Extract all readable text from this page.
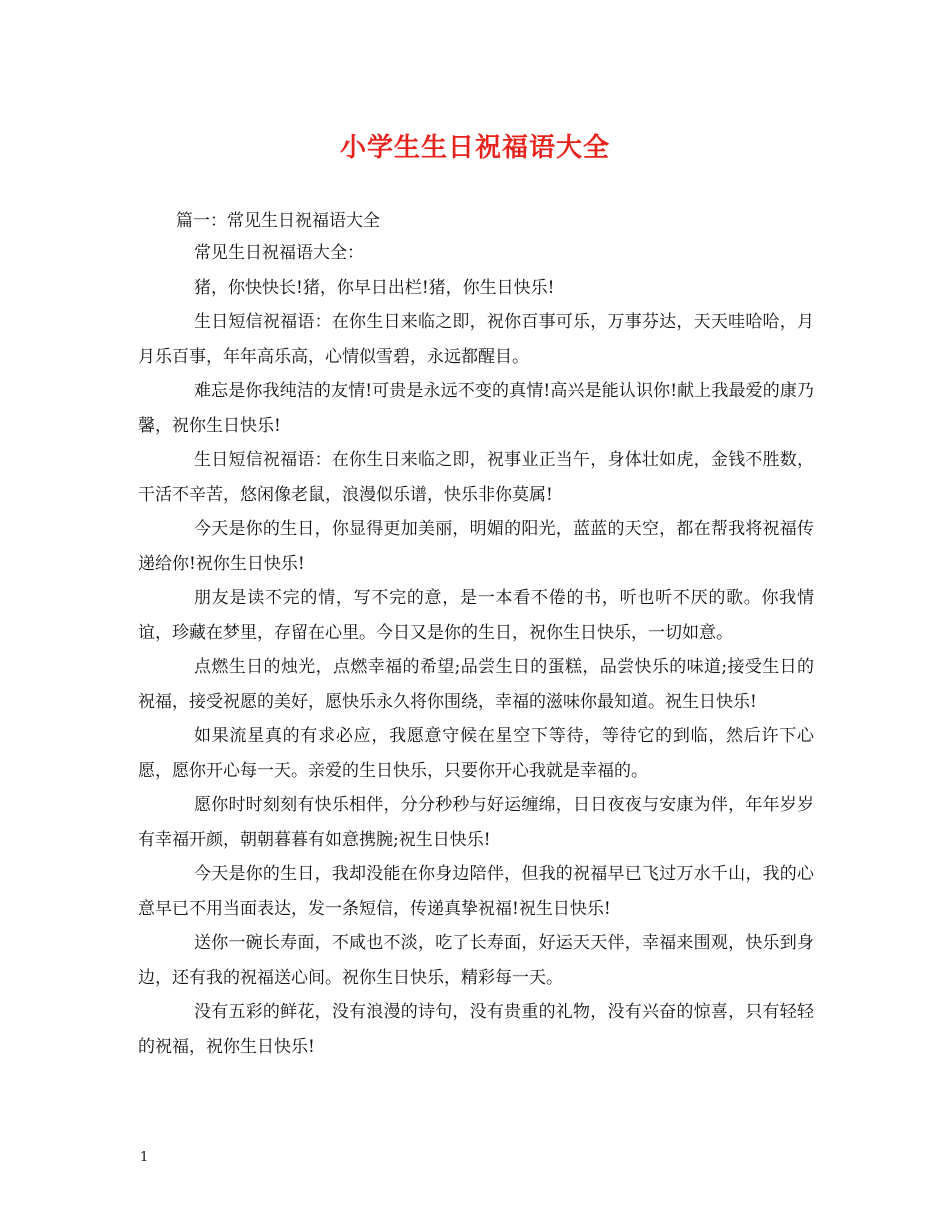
小学生生日祝福语大全
篇一：常见生日祝福语大全

常见生日祝福语大全：

猪，你快快长!猪，你早日出栏!猪，你生日快乐!

生日短信祝福语：在你生日来临之即，祝你百事可乐，万事芬达，天天哇哈哈，月月乐百事，年年高乐高，心情似雪碧，永远都醒目。

难忘是你我纯洁的友情!可贵是永远不变的真情!高兴是能认识你!献上我最爱的康乃馨，祝你生日快乐!

生日短信祝福语：在你生日来临之即，祝事业正当午，身体壮如虎，金钱不胜数，干活不辛苦，悠闲像老鼠，浪漫似乐谱，快乐非你莫属!

今天是你的生日，你显得更加美丽，明媚的阳光，蓝蓝的天空，都在帮我将祝福传递给你!祝你生日快乐!

朋友是读不完的情，写不完的意，是一本看不倦的书，听也听不厌的歌。你我情谊，珍藏在梦里，存留在心里。今日又是你的生日，祝你生日快乐，一切如意。

点燃生日的烛光，点燃幸福的希望;品尝生日的蛋糕，品尝快乐的味道;接受生日的祝福，接受祝愿的美好，愿快乐永久将你围绕，幸福的滋味你最知道。祝生日快乐!

如果流星真的有求必应，我愿意守候在星空下等待，等待它的到临，然后许下心愿，愿你开心每一天。亲爱的生日快乐，只要你开心我就是幸福的。

愿你时时刻刻有快乐相伴，分分秒秒与好运缠绵，日日夜夜与安康为伴，年年岁岁有幸福开颜，朝朝暮暮有如意携腕;祝生日快乐!

今天是你的生日，我却没能在你身边陪伴，但我的祝福早已飞过万水千山，我的心意早已不用当面表达，发一条短信，传递真挚祝福!祝生日快乐!

送你一碗长寿面，不咸也不淡，吃了长寿面，好运天天伴，幸福来围观，快乐到身边，还有我的祝福送心间。祝你生日快乐，精彩每一天。

没有五彩的鲜花，没有浪漫的诗句，没有贵重的礼物，没有兴奋的惊喜，只有轻轻的祝福，祝你生日快乐!

1
